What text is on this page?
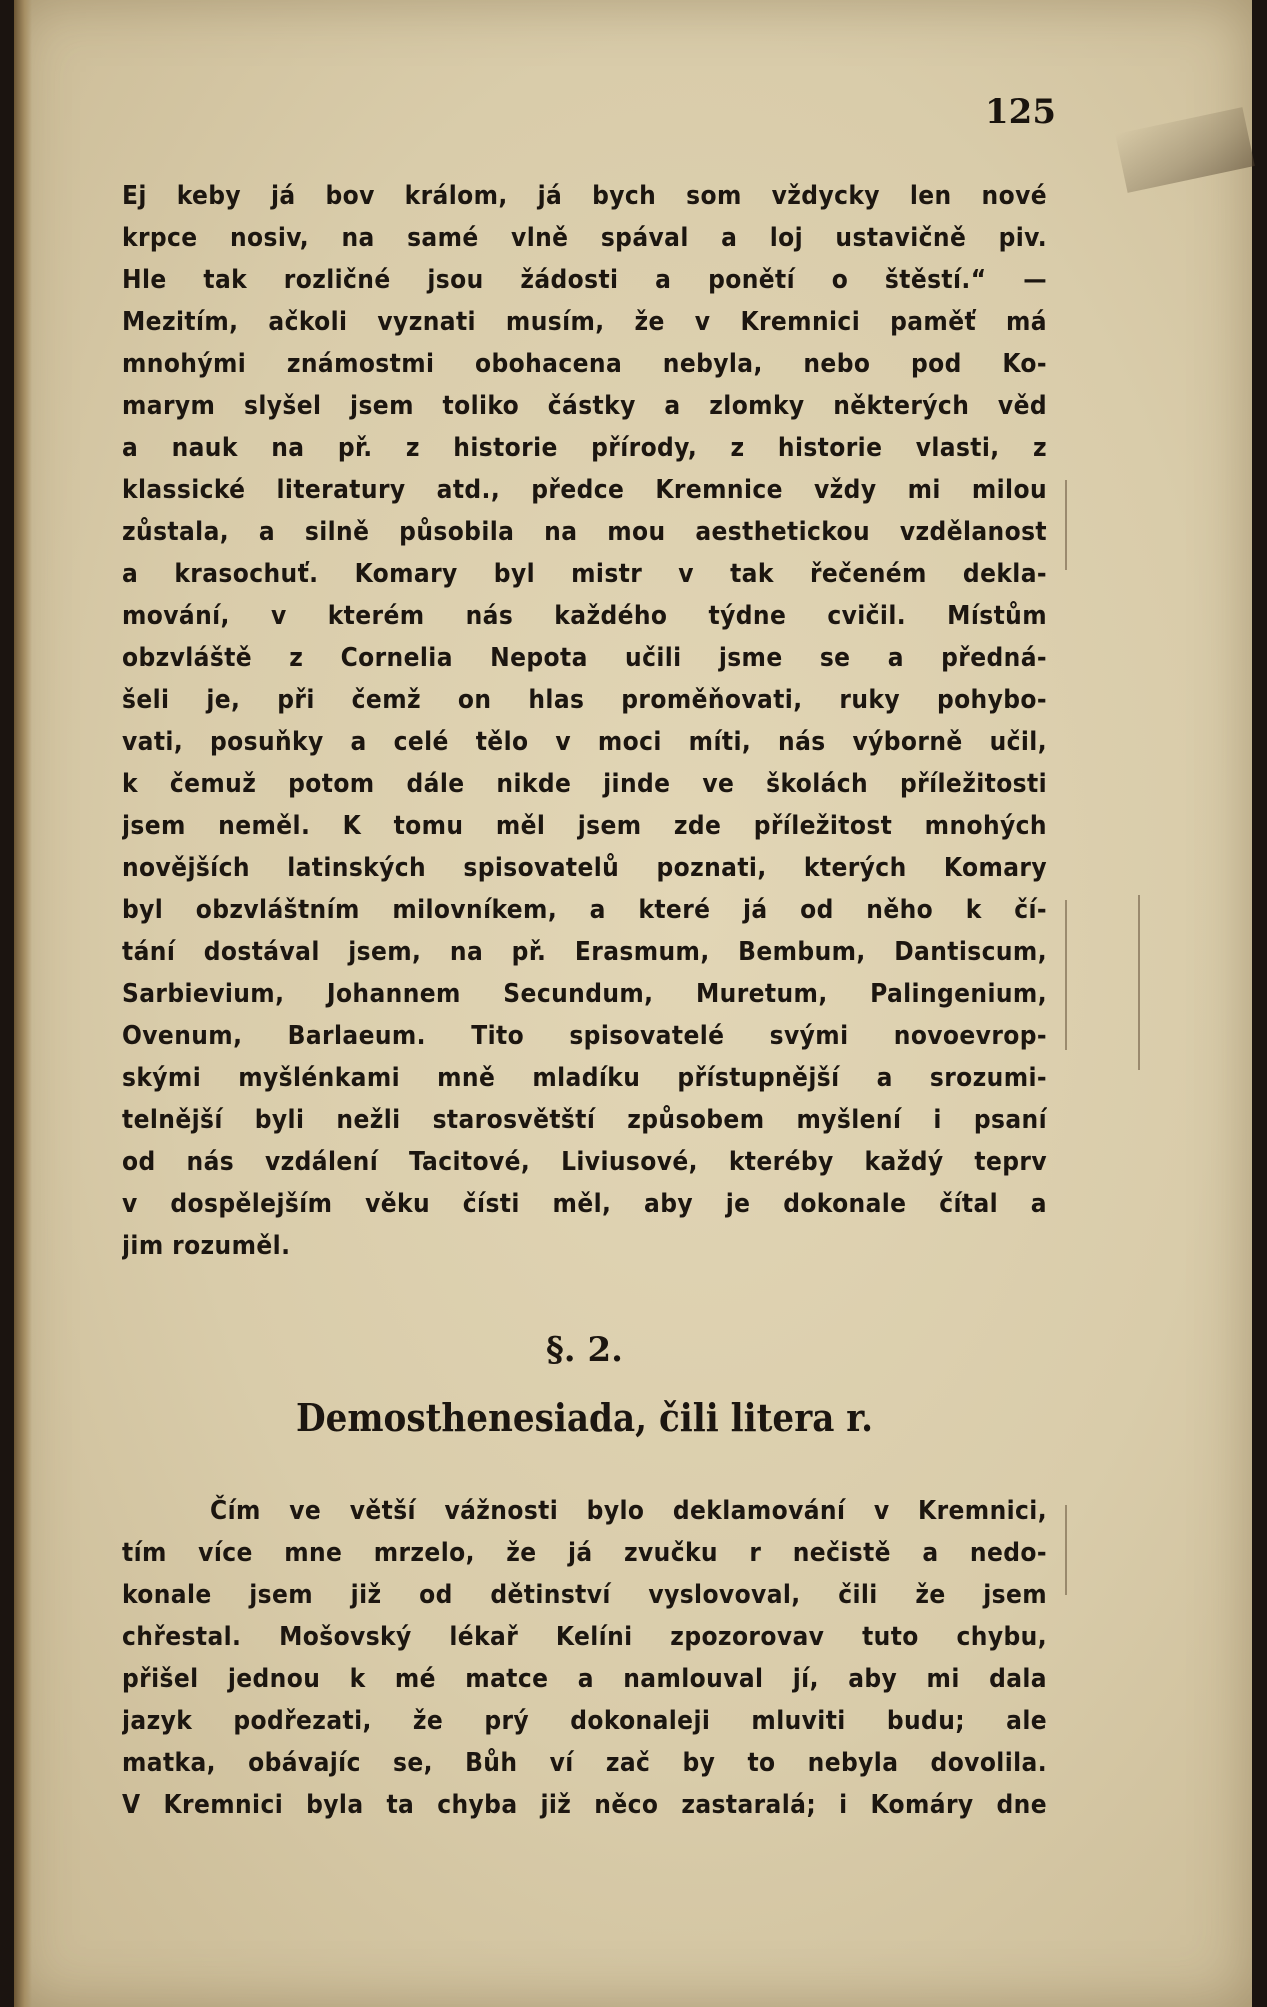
125
Ej keby já bov králom, já bych som vždycky len nové
krpce nosiv, na samé vlně spával a loj ustavičně piv.
Hle tak rozličné jsou žádosti a ponětí o štěstí.“ —
Mezitím, ačkoli vyznati musím, že v Kremnici paměť má
mnohými známostmi obohacena nebyla, nebo pod Ko-
marym slyšel jsem toliko částky a zlomky některých věd
a nauk na př. z historie přírody, z historie vlasti, z
klassické literatury atd., předce Kremnice vždy mi milou
zůstala, a silně působila na mou aesthetickou vzdělanost
a krasochuť. Komary byl mistr v tak řečeném dekla-
mování, v kterém nás každého týdne cvičil. Místům
obzvláště z Cornelia Nepota učili jsme se a předná-
šeli je, při čemž on hlas proměňovati, ruky pohybo-
vati, posuňky a celé tělo v moci míti, nás výborně učil,
k čemuž potom dále nikde jinde ve školách příležitosti
jsem neměl. K tomu měl jsem zde příležitost mnohých
novějších latinských spisovatelů poznati, kterých Komary
byl obzvláštním milovníkem, a které já od něho k čí-
tání dostával jsem, na př. Erasmum, Bembum, Dantiscum,
Sarbievium, Johannem Secundum, Muretum, Palingenium,
Ovenum, Barlaeum. Tito spisovatelé svými novoevrop-
skými myšlénkami mně mladíku přístupnější a srozumi-
telnější byli nežli starosvětští způsobem myšlení i psaní
od nás vzdálení Tacitové, Liviusové, kteréby každý teprv
v dospělejším věku čísti měl, aby je dokonale čítal a
jim rozuměl.
§. 2.
Demosthenesiada, čili litera r.
Čím ve větší vážnosti bylo deklamování v Kremnici,
tím více mne mrzelo, že já zvučku r nečistě a nedo-
konale jsem již od dětinství vyslovoval, čili že jsem
chřestal. Mošovský lékař Kelíni zpozorovav tuto chybu,
přišel jednou k mé matce a namlouval jí, aby mi dala
jazyk podřezati, že prý dokonaleji mluviti budu; ale
matka, obávajíc se, Bůh ví zač by to nebyla dovolila.
V Kremnici byla ta chyba již něco zastaralá; i Komáry dne
